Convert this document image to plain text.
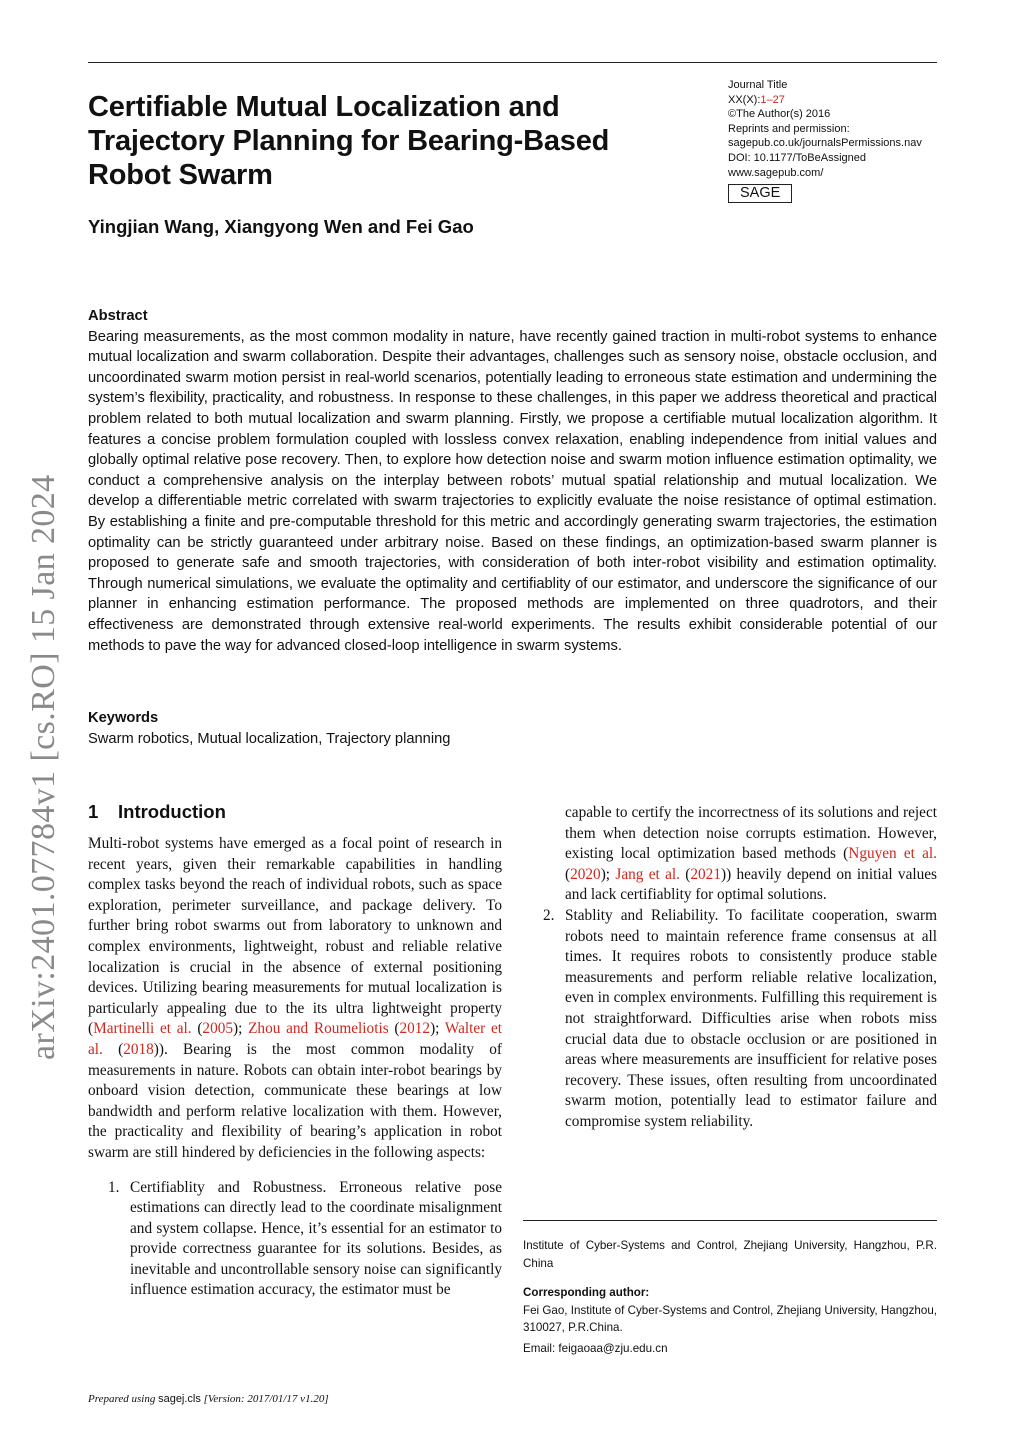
Certifiable Mutual Localization and Trajectory Planning for Bearing-Based Robot Swarm
Journal Title
XX(X):1–27
©The Author(s) 2016
Reprints and permission:
sagepub.co.uk/journalsPermissions.nav
DOI: 10.1177/ToBeAssigned
www.sagepub.com/
SAGE
Yingjian Wang, Xiangyong Wen and Fei Gao
arXiv:2401.07784v1 [cs.RO] 15 Jan 2024
Abstract

Bearing measurements, as the most common modality in nature, have recently gained traction in multi-robot systems to enhance mutual localization and swarm collaboration. Despite their advantages, challenges such as sensory noise, obstacle occlusion, and uncoordinated swarm motion persist in real-world scenarios, potentially leading to erroneous state estimation and undermining the system’s flexibility, practicality, and robustness. In response to these challenges, in this paper we address theoretical and practical problem related to both mutual localization and swarm planning. Firstly, we propose a certifiable mutual localization algorithm. It features a concise problem formulation coupled with lossless convex relaxation, enabling independence from initial values and globally optimal relative pose recovery. Then, to explore how detection noise and swarm motion influence estimation optimality, we conduct a comprehensive analysis on the interplay between robots’ mutual spatial relationship and mutual localization. We develop a differentiable metric correlated with swarm trajectories to explicitly evaluate the noise resistance of optimal estimation. By establishing a finite and pre-computable threshold for this metric and accordingly generating swarm trajectories, the estimation optimality can be strictly guaranteed under arbitrary noise. Based on these findings, an optimization-based swarm planner is proposed to generate safe and smooth trajectories, with consideration of both inter-robot visibility and estimation optimality. Through numerical simulations, we evaluate the optimality and certifiablity of our estimator, and underscore the significance of our planner in enhancing estimation performance. The proposed methods are implemented on three quadrotors, and their effectiveness are demonstrated through extensive real-world experiments. The results exhibit considerable potential of our methods to pave the way for advanced closed-loop intelligence in swarm systems.

Keywords

Swarm robotics, Mutual localization, Trajectory planning

1 Introduction

Multi-robot systems have emerged as a focal point of research in recent years, given their remarkable capabilities in handling complex tasks beyond the reach of individual robots, such as space exploration, perimeter surveillance, and package delivery. To further bring robot swarms out from laboratory to unknown and complex environments, lightweight, robust and reliable relative localization is crucial in the absence of external positioning devices. Utilizing bearing measurements for mutual localization is particularly appealing due to the its ultra lightweight property (Martinelli et al. (2005); Zhou and Roumeliotis (2012); Walter et al. (2018)). Bearing is the most common modality of measurements in nature. Robots can obtain inter-robot bearings by onboard vision detection, communicate these bearings at low bandwidth and perform relative localization with them. However, the practicality and flexibility of bearing’s application in robot swarm are still hindered by deficiencies in the following aspects:

1. Certifiablity and Robustness. Erroneous relative pose estimations can directly lead to the coordinate misalignment and system collapse. Hence, it’s essential for an estimator to provide correctness guarantee for its solutions. Besides, as inevitable and uncontrollable sensory noise can significantly influence estimation accuracy, the estimator must be
capable to certify the incorrectness of its solutions and reject them when detection noise corrupts estimation. However, existing local optimization based methods (Nguyen et al. (2020); Jang et al. (2021)) heavily depend on initial values and lack certifiablity for optimal solutions.
2. Stablity and Reliability. To facilitate cooperation, swarm robots need to maintain reference frame consensus at all times. It requires robots to consistently produce stable measurements and perform reliable relative localization, even in complex environments. Fulfilling this requirement is not straightforward. Difficulties arise when robots miss crucial data due to obstacle occlusion or are positioned in areas where measurements are insufficient for relative poses recovery. These issues, often resulting from uncoordinated swarm motion, potentially lead to estimator failure and compromise system reliability.

Institute of Cyber-Systems and Control, Zhejiang University, Hangzhou, P.R. China

Corresponding author:

Fei Gao, Institute of Cyber-Systems and Control, Zhejiang University, Hangzhou, 310027, P.R.China.

Email: feigaoaa@zju.edu.cn

Prepared using sagej.cls [Version: 2017/01/17 v1.20]
